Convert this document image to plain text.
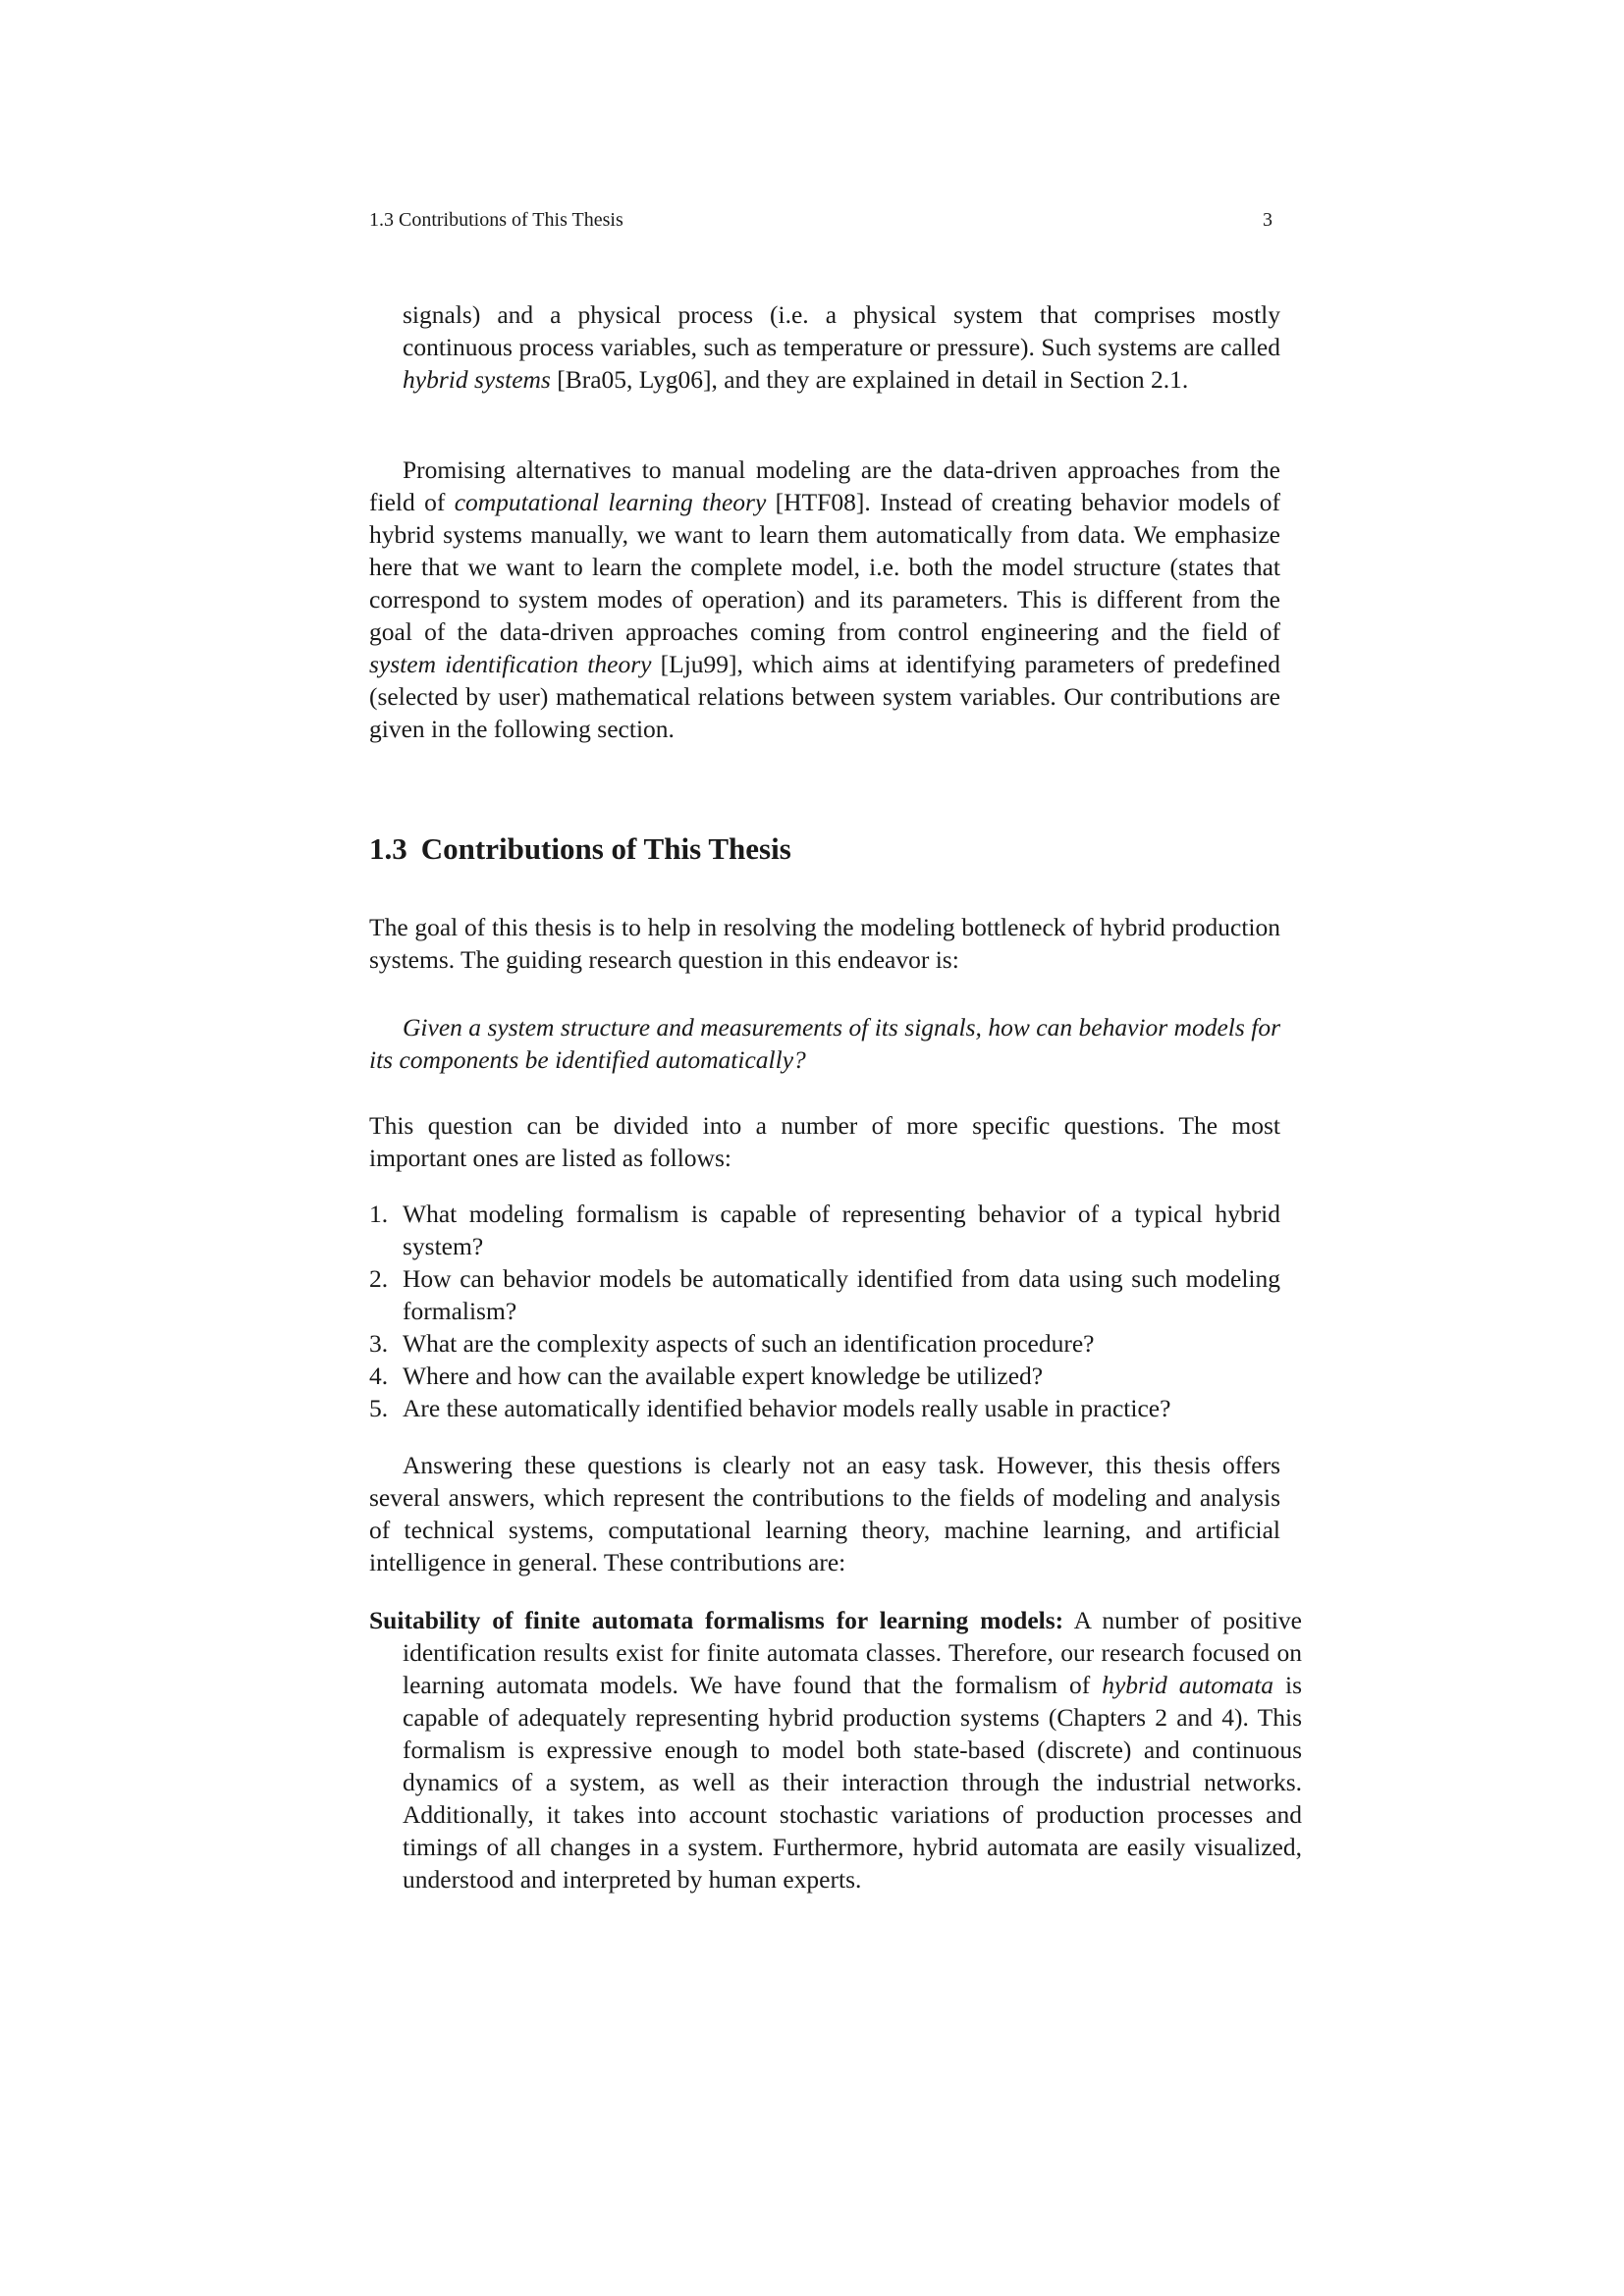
1.3 Contributions of This Thesis	3

signals) and a physical process (i.e. a physical system that comprises mostly continuous process variables, such as temperature or pressure). Such systems are called hybrid systems [Bra05, Lyg06], and they are explained in detail in Section 2.1.

Promising alternatives to manual modeling are the data-driven approaches from the field of computational learning theory [HTF08]. Instead of creating behavior models of hybrid systems manually, we want to learn them automatically from data. We emphasize here that we want to learn the complete model, i.e. both the model structure (states that correspond to system modes of operation) and its parameters. This is different from the goal of the data-driven approaches coming from control engineering and the field of system identification theory [Lju99], which aims at identifying parameters of predefined (selected by user) mathematical relations between system variables. Our contributions are given in the following section.

1.3 Contributions of This Thesis

The goal of this thesis is to help in resolving the modeling bottleneck of hybrid production systems. The guiding research question in this endeavor is:

Given a system structure and measurements of its signals, how can behavior models for its components be identified automatically?

This question can be divided into a number of more specific questions. The most important ones are listed as follows:

1. What modeling formalism is capable of representing behavior of a typical hybrid system?
2. How can behavior models be automatically identified from data using such modeling formalism?
3. What are the complexity aspects of such an identification procedure?
4. Where and how can the available expert knowledge be utilized?
5. Are these automatically identified behavior models really usable in practice?

Answering these questions is clearly not an easy task. However, this thesis offers several answers, which represent the contributions to the fields of modeling and analysis of technical systems, computational learning theory, machine learning, and artificial intelligence in general. These contributions are:

Suitability of finite automata formalisms for learning models: A number of positive identification results exist for finite automata classes. Therefore, our research focused on learning automata models. We have found that the formalism of hybrid automata is capable of adequately representing hybrid production systems (Chapters 2 and 4). This formalism is expressive enough to model both state-based (discrete) and continuous dynamics of a system, as well as their interaction through the industrial networks. Additionally, it takes into account stochastic variations of production processes and timings of all changes in a system. Furthermore, hybrid automata are easily visualized, understood and interpreted by human experts.
